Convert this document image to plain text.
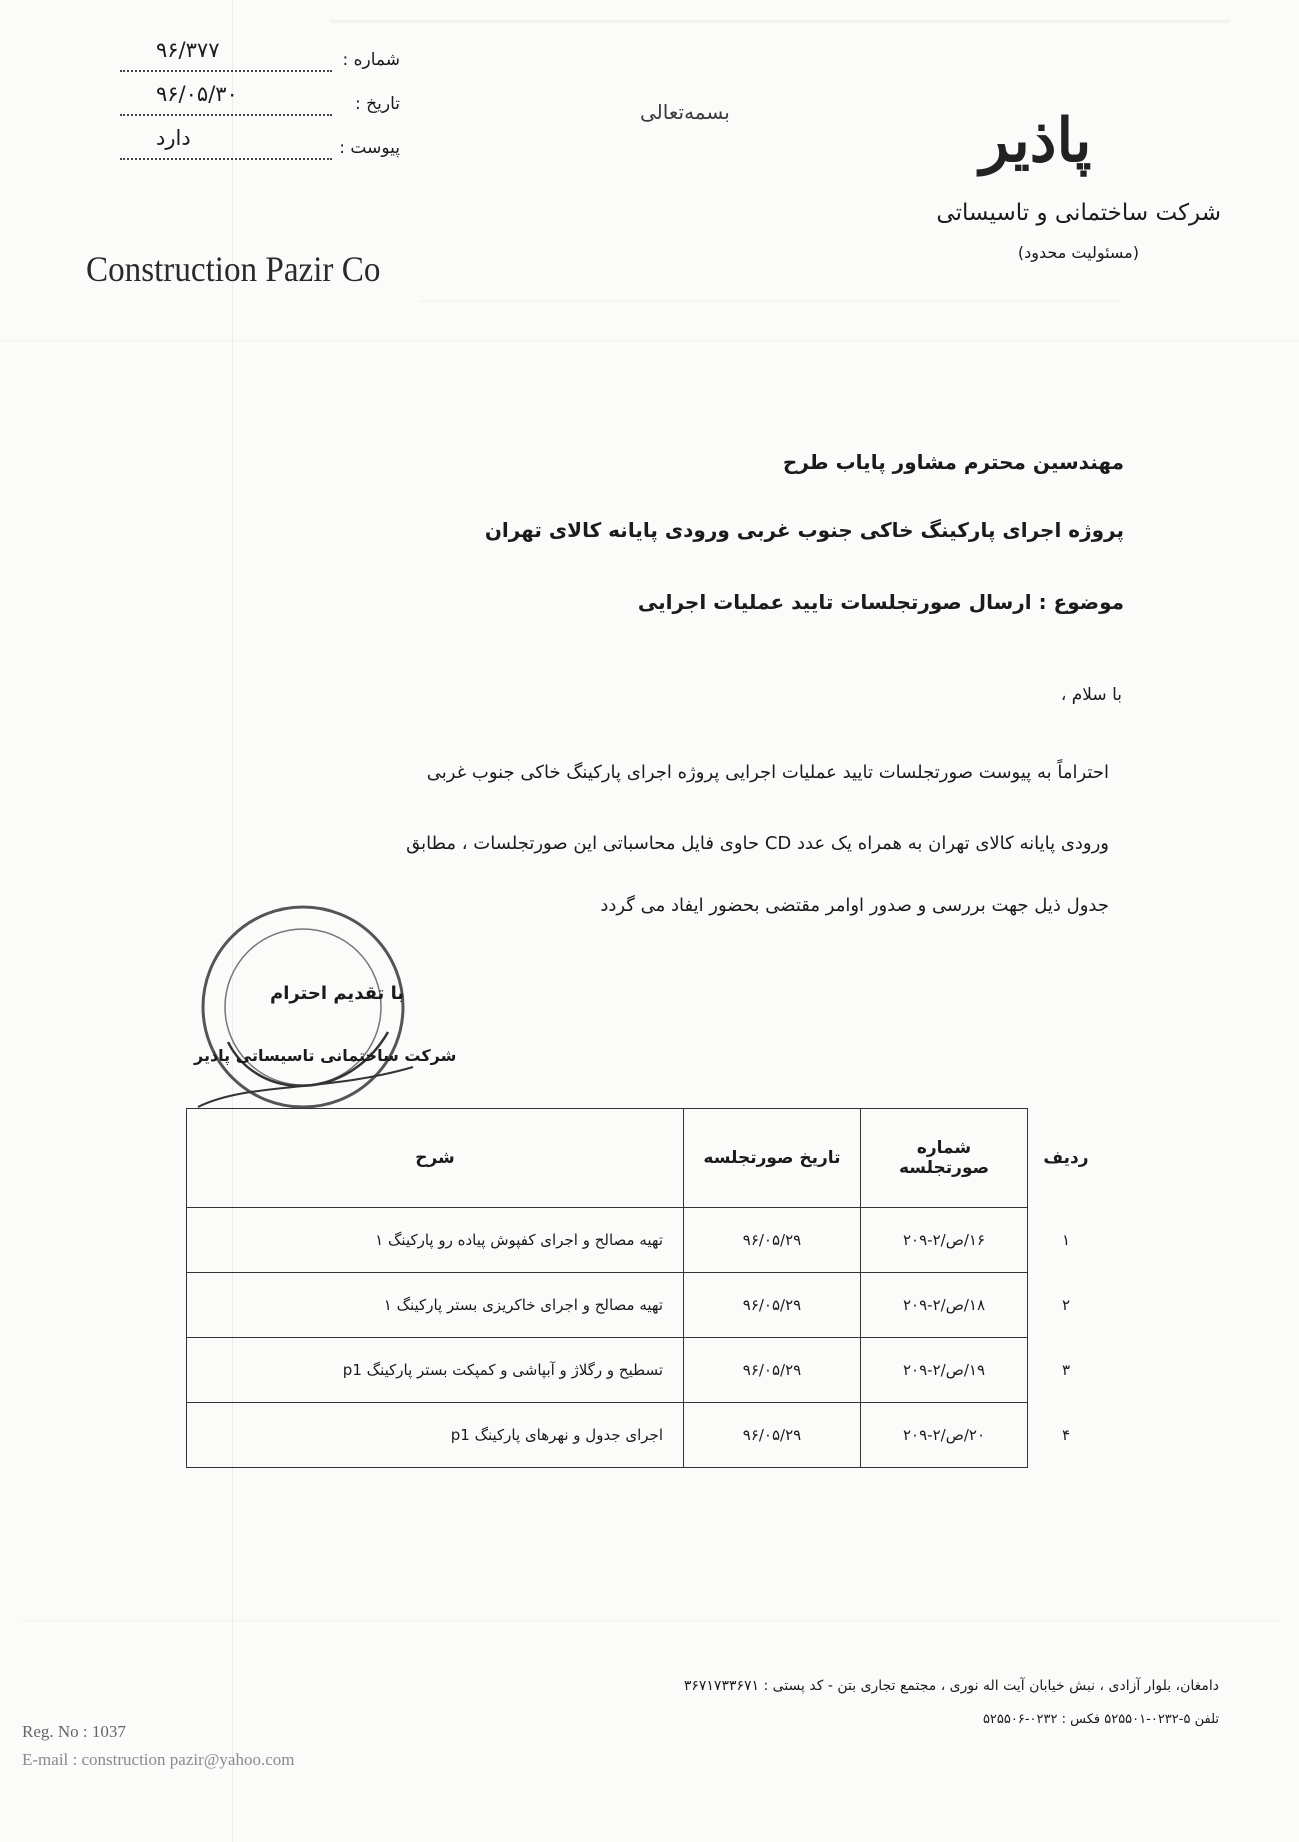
۹۶/۳۷۷	شماره :
۹۶/۰۵/۳۰	تاریخ :
دارد	پیوست :
Construction Pazir Co
بسمه‌تعالی	پاذیر
شرکت ساختمانی و تاسیساتی
(مسئولیت محدود)
مهندسین محترم مشاور پایاب طرح
پروژه اجرای پارکینگ خاکی جنوب غربی ورودی پایانه کالای تهران
موضوع : ارسال صورتجلسات تایید عملیات اجرایی
با سلام ،
احتراماً به پیوست صورتجلسات تایید عملیات اجرایی پروژه اجرای پارکینگ خاکی جنوب غربی
ورودی پایانه کالای تهران به همراه یک عدد CD حاوی فایل محاسباتی این صورتجلسات ، مطابق
جدول ذیل جهت بررسی و صدور اوامر مقتضی بحضور ایفاد می گردد
با تقدیم احترام
شرکت ساختمانی تاسیساتی پاذیر
ردیف	شماره صورتجلسه	تاریخ صورتجلسه	شرح
۱	۱۶/ص/۲-۲۰۹	۹۶/۰۵/۲۹	تهیه مصالح و اجرای کفپوش پیاده رو پارکینگ ۱
۲	۱۸/ص/۲-۲۰۹	۹۶/۰۵/۲۹	تهیه مصالح و اجرای خاکریزی بستر پارکینگ ۱
۳	۱۹/ص/۲-۲۰۹	۹۶/۰۵/۲۹	تسطیح و رگلاژ و آبپاشی و کمپکت بستر پارکینگ p1
۴	۲۰/ص/۲-۲۰۹	۹۶/۰۵/۲۹	اجرای جدول و نهرهای پارکینگ p1
دامغان، بلوار آزادی ، نبش خیابان آیت اله نوری ، مجتمع تجاری بتن - کد پستی : ۳۶۷۱۷۳۳۶۷۱
تلفن ۵-۰۲۳۲-۵۲۵۵۰۱ فکس : ۰۲۳۲-۵۲۵۵۰۶
Reg. No : 1037
E-mail : construction pazir@yahoo.com
